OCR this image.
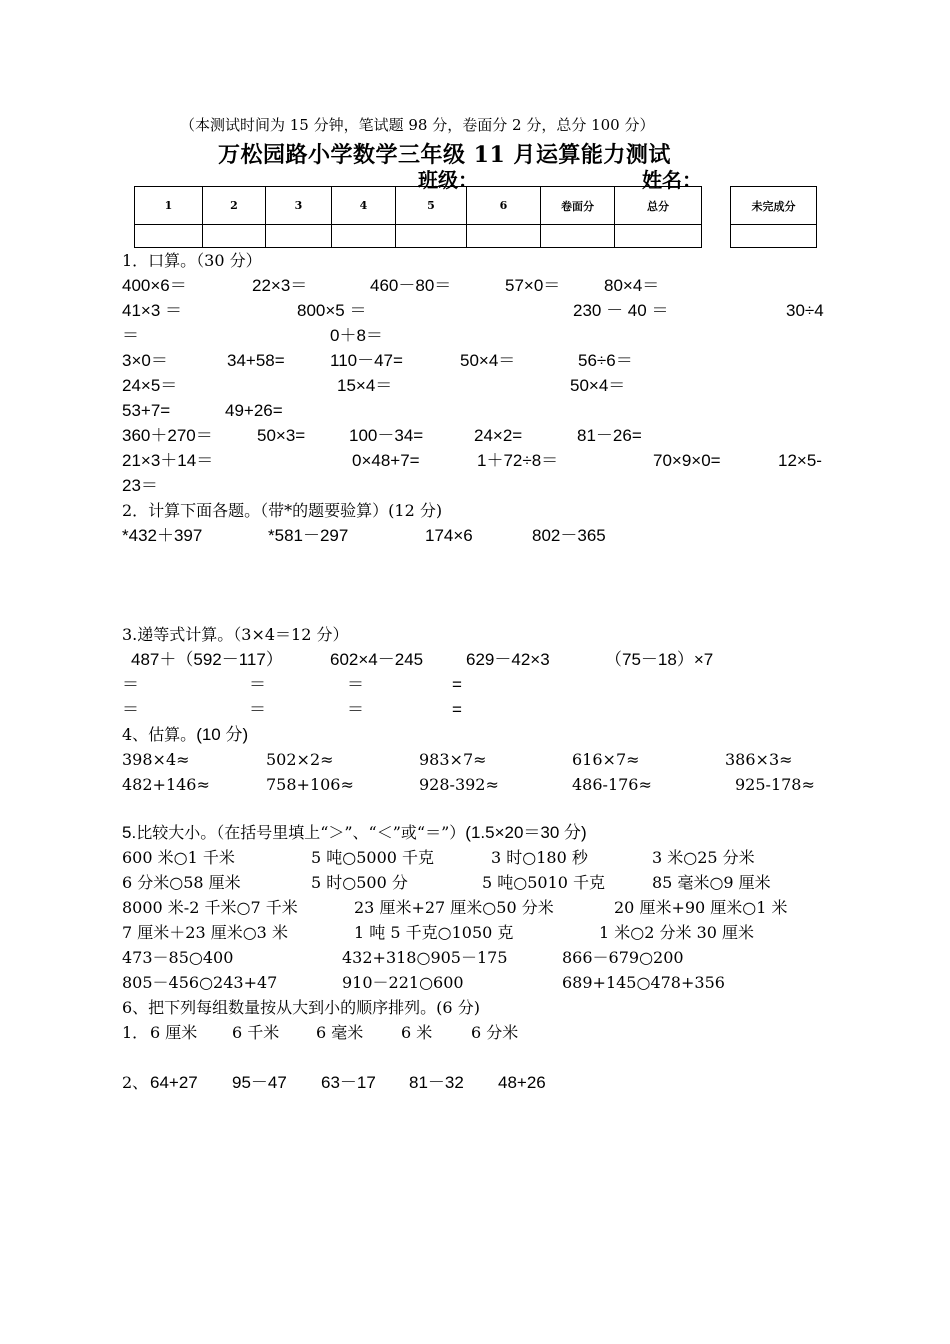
（本测试时间为 15 分钟，笔试题 98 分，卷面分 2 分，总分 100 分）
万松园路小学数学三年级 11 月运算能力测试
班级：	姓名：
1	2	3	4	5	6	卷面分	总分
								未完成分

1．口算。（30 分）
400×6＝	22×3＝	460－80＝	57×0＝	80×4＝
41×3 ＝	800×5 ＝	230 － 40 ＝	30÷4
＝	0＋8＝
3×0＝	34+58=	110－47=	50×4＝	56÷6＝
24×5＝	15×4＝	50×4＝
53+7=	49+26=
360＋270＝	50×3=	100－34=	24×2=	81－26=
21×3＋14＝	0×48+7=	1＋72÷8＝	70×9×0=	12×5-
23＝
2．计算下面各题。（带*的题要验算）(12 分)
*432＋397	*581－297	174×6	802－365
3.递等式计算。（3×4＝12 分）
487＋（592－117）	602×4－245	629－42×3	（75－18）×7
＝	＝	＝	=
＝	＝	＝	=
4、估算。(10 分)
398×4≈	502×2≈	983×7≈	616×7≈	386×3≈
482+146≈	758+106≈	928-392≈	486-176≈	925-178≈
5.比较大小。（在括号里填上“＞”、“＜”或“＝”）(1.5×20＝30 分)
600 米○1 千米	5 吨○5000 千克	3 时○180 秒	3 米○25 分米
6 分米○58 厘米	5 时○500 分	5 吨○5010 千克	85 毫米○9 厘米
8000 米-2 千米○7 千米	23 厘米+27 厘米○50 分米	20 厘米+90 厘米○1 米
7 厘米＋23 厘米○3 米	1 吨 5 千克○1050 克	1 米○2 分米 30 厘米
473－85○400	432+318○905－175	866－679○200
805－456○243+47	910－221○600	689+145○478+356
6、把下列每组数量按从大到小的顺序排列。(6 分)
1． 6 厘米 6 千米 6 毫米 6 米 6 分米
2、 64+27 95－47 63－17 81－32 48+26
